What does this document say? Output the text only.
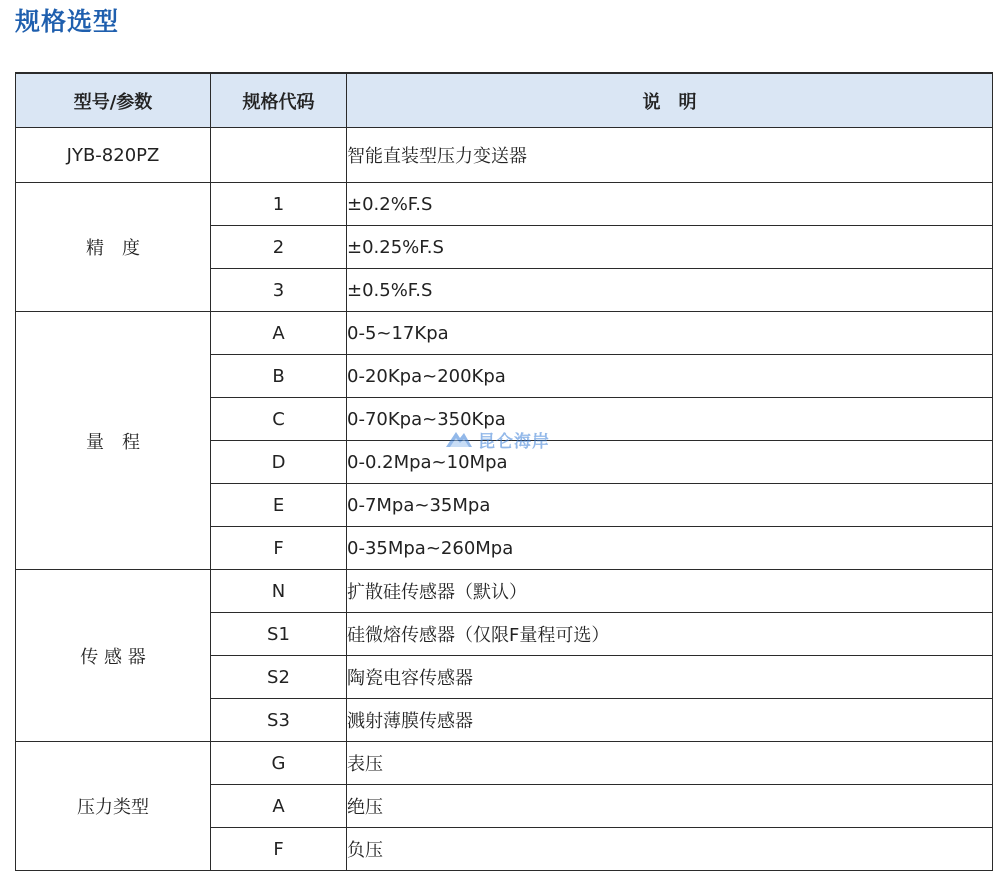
规格选型
型号/参数	规格代码	说　明
JYB-820PZ		智能直装型压力变送器
精　度	1	±0.2%F.S
	2	±0.25%F.S
	3	±0.5%F.S
量　程	A	0-5~17Kpa
	B	0-20Kpa~200Kpa
	C	0-70Kpa~350Kpa
	D	0-0.2Mpa~10Mpa
	E	0-7Mpa~35Mpa
	F	0-35Mpa~260Mpa
传 感 器	N	扩散硅传感器（默认）
	S1	硅微熔传感器（仅限F量程可选）
	S2	陶瓷电容传感器
	S3	溅射薄膜传感器
压力类型	G	表压
	A	绝压
	F	负压
昆仑海岸
